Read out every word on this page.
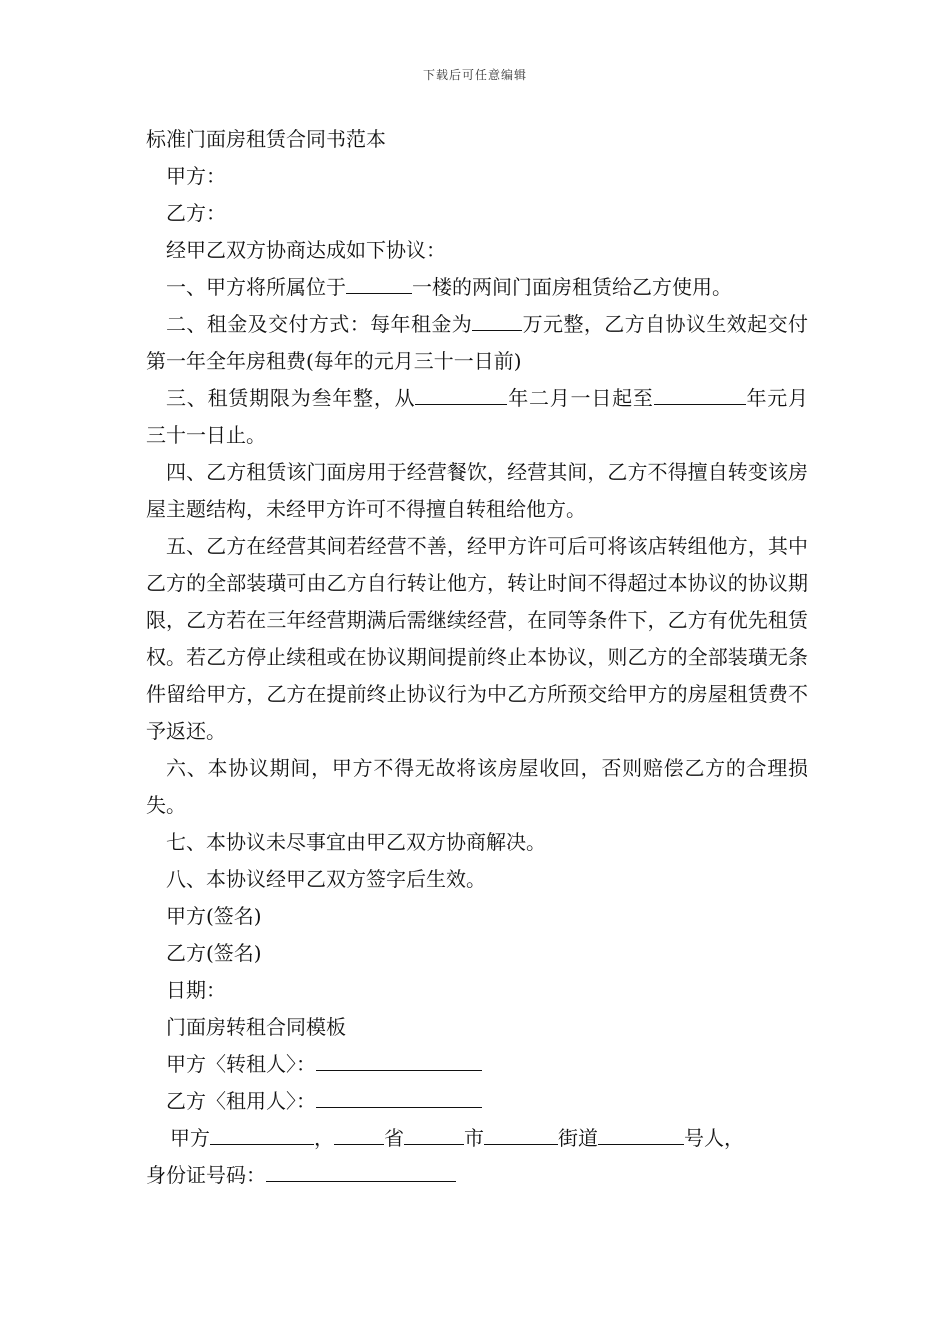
下载后可任意编辑
标准门面房租赁合同书范本
甲方：
乙方：
经甲乙双方协商达成如下协议：
一、甲方将所属位于	一楼的两间门面房租赁给乙方使用。
二、租金及交付方式：每年租金为	万元整，乙方自协议生效起交付第一年全年房租费(每年的元月三十一日前)
三、租赁期限为叁年整，从	年二月一日起至	年元月三十一日止。
四、乙方租赁该门面房用于经营餐饮，经营其间，乙方不得擅自转变该房屋主题结构，未经甲方许可不得擅自转租给他方。
五、乙方在经营其间若经营不善，经甲方许可后可将该店转组他方，其中乙方的全部装璜可由乙方自行转让他方，转让时间不得超过本协议的协议期限，乙方若在三年经营期满后需继续经营，在同等条件下，乙方有优先租赁权。若乙方停止续租或在协议期间提前终止本协议，则乙方的全部装璜无条件留给甲方，乙方在提前终止协议行为中乙方所预交给甲方的房屋租赁费不予返还。
六、本协议期间，甲方不得无故将该房屋收回，否则赔偿乙方的合理损失。
七、本协议未尽事宜由甲乙双方协商解决。
八、本协议经甲乙双方签字后生效。
甲方(签名)
乙方(签名)
日期：
门面房转租合同模板
甲方〈转租人〉：
乙方〈租用人〉：
甲方	，	省	市	街道	号人，
身份证号码：
